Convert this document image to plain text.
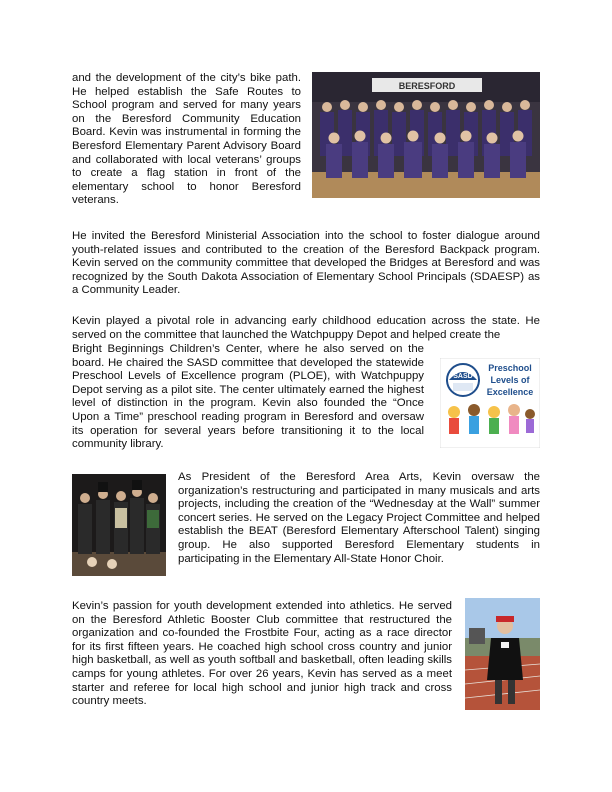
and the development of the city’s bike path. He helped establish the Safe Routes to School program and served for many years on the Beresford Community Education Board. Kevin was instrumental in forming the Beresford Elementary Parent Advisory Board and collaborated with local veterans’ groups to create a flag station in front of the elementary school to honor Beresford veterans.

BERESFORD

He invited the Beresford Ministerial Association into the school to foster dialogue around youth-related issues and contributed to the creation of the Beresford Backpack program. Kevin served on the community committee that developed the Bridges at Beresford and was recognized by the South Dakota Association of Elementary School Principals (SDAESP) as a Community Leader.

Kevin played a pivotal role in advancing early childhood education across the state. He served on the committee that launched the Watchpuppy Depot and helped create the

Bright Beginnings Children’s Center, where he also served on the board. He chaired the SASD committee that developed the statewide Preschool Levels of Excellence program (PLOE), with Watchpuppy Depot serving as a pilot site. The center ultimately earned the highest level of distinction in the program. Kevin also founded the “Once Upon a Time” preschool reading program in Beresford and oversaw its operation for several years before transitioning it to the local community library.

SASD
Preschool
Levels of
Excellence

As President of the Beresford Area Arts, Kevin oversaw the organization’s restructuring and participated in many musicals and arts projects, including the creation of the “Wednesday at the Wall” summer concert series. He served on the Legacy Project Committee and helped establish the BEAT (Beresford Elementary Afterschool Talent) singing group. He also supported Beresford Elementary students in participating in the Elementary All-State Honor Choir.

Kevin’s passion for youth development extended into athletics. He served on the Beresford Athletic Booster Club committee that restructured the organization and co-founded the Frostbite Four, acting as a race director for its first fifteen years. He coached high school cross country and junior high basketball, as well as youth softball and basketball, often leading skills camps for young athletes. For over 26 years, Kevin has served as a meet starter and referee for local high school and junior high track and cross country meets.
